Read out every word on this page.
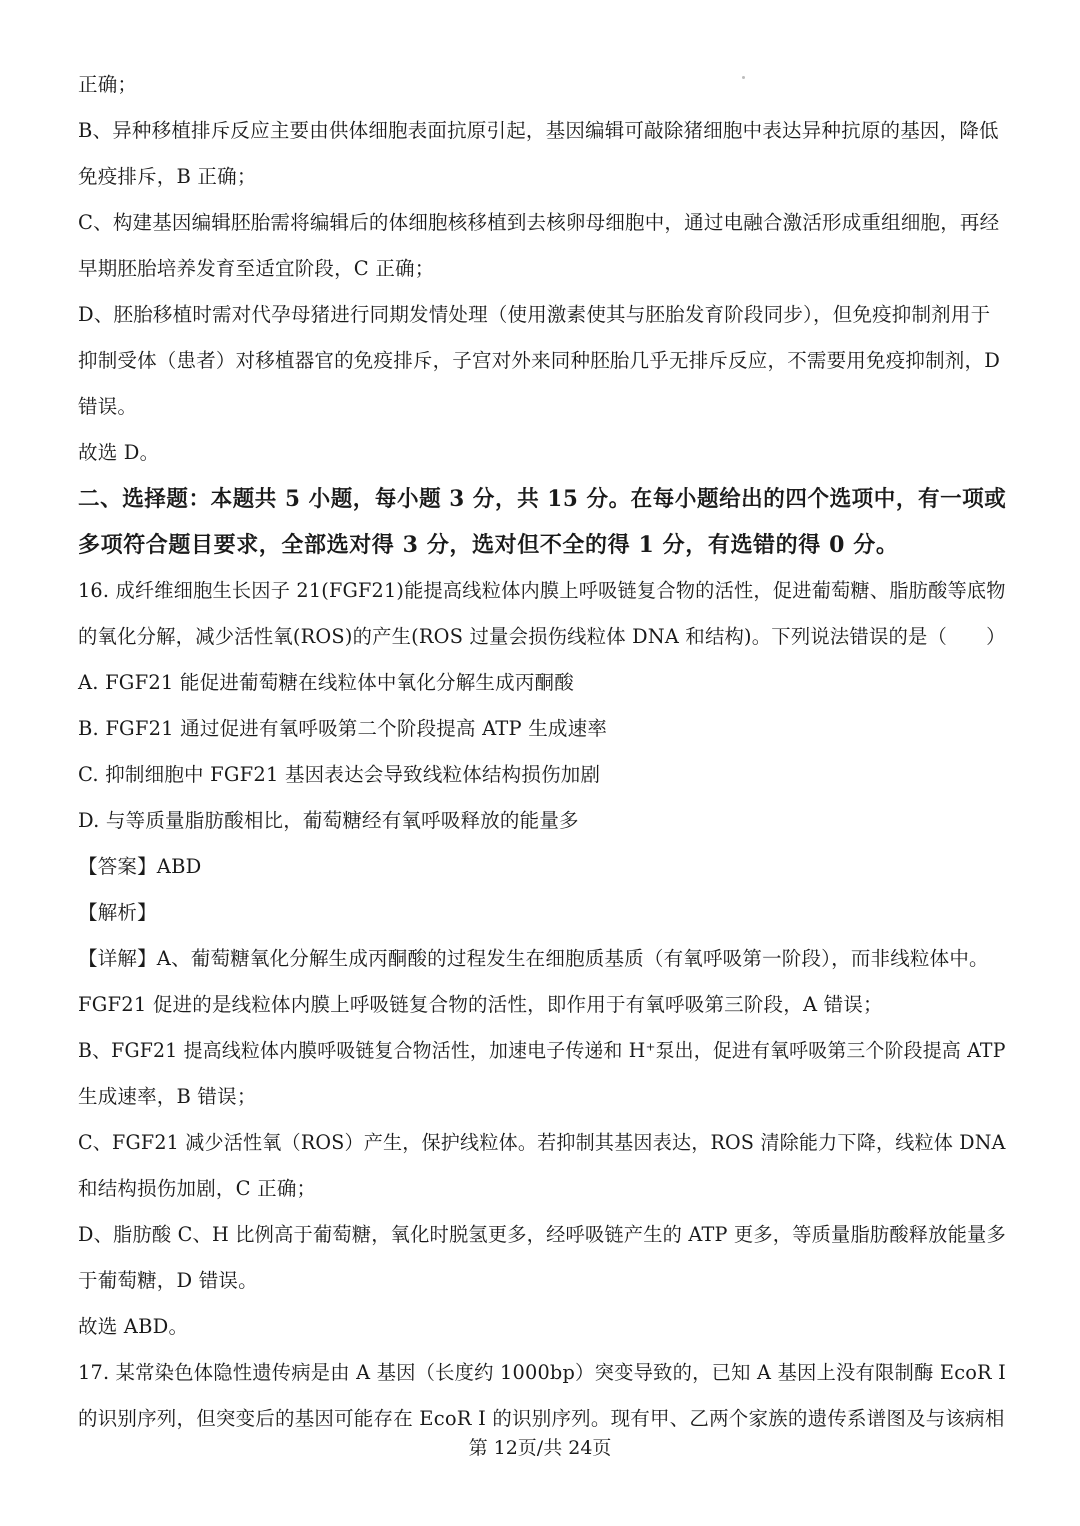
正确；
B、异种移植排斥反应主要由供体细胞表面抗原引起，基因编辑可敲除猪细胞中表达异种抗原的基因，降低
免疫排斥，B 正确；
C、构建基因编辑胚胎需将编辑后的体细胞核移植到去核卵母细胞中，通过电融合激活形成重组细胞，再经
早期胚胎培养发育至适宜阶段，C 正确；
D、胚胎移植时需对代孕母猪进行同期发情处理（使用激素使其与胚胎发育阶段同步），但免疫抑制剂用于
抑制受体（患者）对移植器官的免疫排斥，子宫对外来同种胚胎几乎无排斥反应，不需要用免疫抑制剂，D
错误。
故选 D。
二、选择题：本题共 5 小题，每小题 3 分，共 15 分。在每小题给出的四个选项中，有一项或
多项符合题目要求，全部选对得 3 分，选对但不全的得 1 分，有选错的得 0 分。
16. 成纤维细胞生长因子 21(FGF21)能提高线粒体内膜上呼吸链复合物的活性，促进葡萄糖、脂肪酸等底物
的氧化分解，减少活性氧(ROS)的产生(ROS 过量会损伤线粒体 DNA 和结构)。下列说法错误的是（　　）
A. FGF21 能促进葡萄糖在线粒体中氧化分解生成丙酮酸
B. FGF21 通过促进有氧呼吸第二个阶段提高 ATP 生成速率
C. 抑制细胞中 FGF21 基因表达会导致线粒体结构损伤加剧
D. 与等质量脂肪酸相比，葡萄糖经有氧呼吸释放的能量多
【答案】ABD
【解析】
【详解】A、葡萄糖氧化分解生成丙酮酸的过程发生在细胞质基质（有氧呼吸第一阶段），而非线粒体中。
FGF21 促进的是线粒体内膜上呼吸链复合物的活性，即作用于有氧呼吸第三阶段，A 错误；
B、FGF21 提高线粒体内膜呼吸链复合物活性，加速电子传递和 H⁺泵出，促进有氧呼吸第三个阶段提高 ATP
生成速率，B 错误；
C、FGF21 减少活性氧（ROS）产生，保护线粒体。若抑制其基因表达，ROS 清除能力下降，线粒体 DNA
和结构损伤加剧，C 正确；
D、脂肪酸 C、H 比例高于葡萄糖，氧化时脱氢更多，经呼吸链产生的 ATP 更多，等质量脂肪酸释放能量多
于葡萄糖，D 错误。
故选 ABD。
17. 某常染色体隐性遗传病是由 A 基因（长度约 1000bp）突变导致的，已知 A 基因上没有限制酶 EcoR Ⅰ
的识别序列，但突变后的基因可能存在 EcoR Ⅰ 的识别序列。现有甲、乙两个家族的遗传系谱图及与该病相
第 12页/共 24页
